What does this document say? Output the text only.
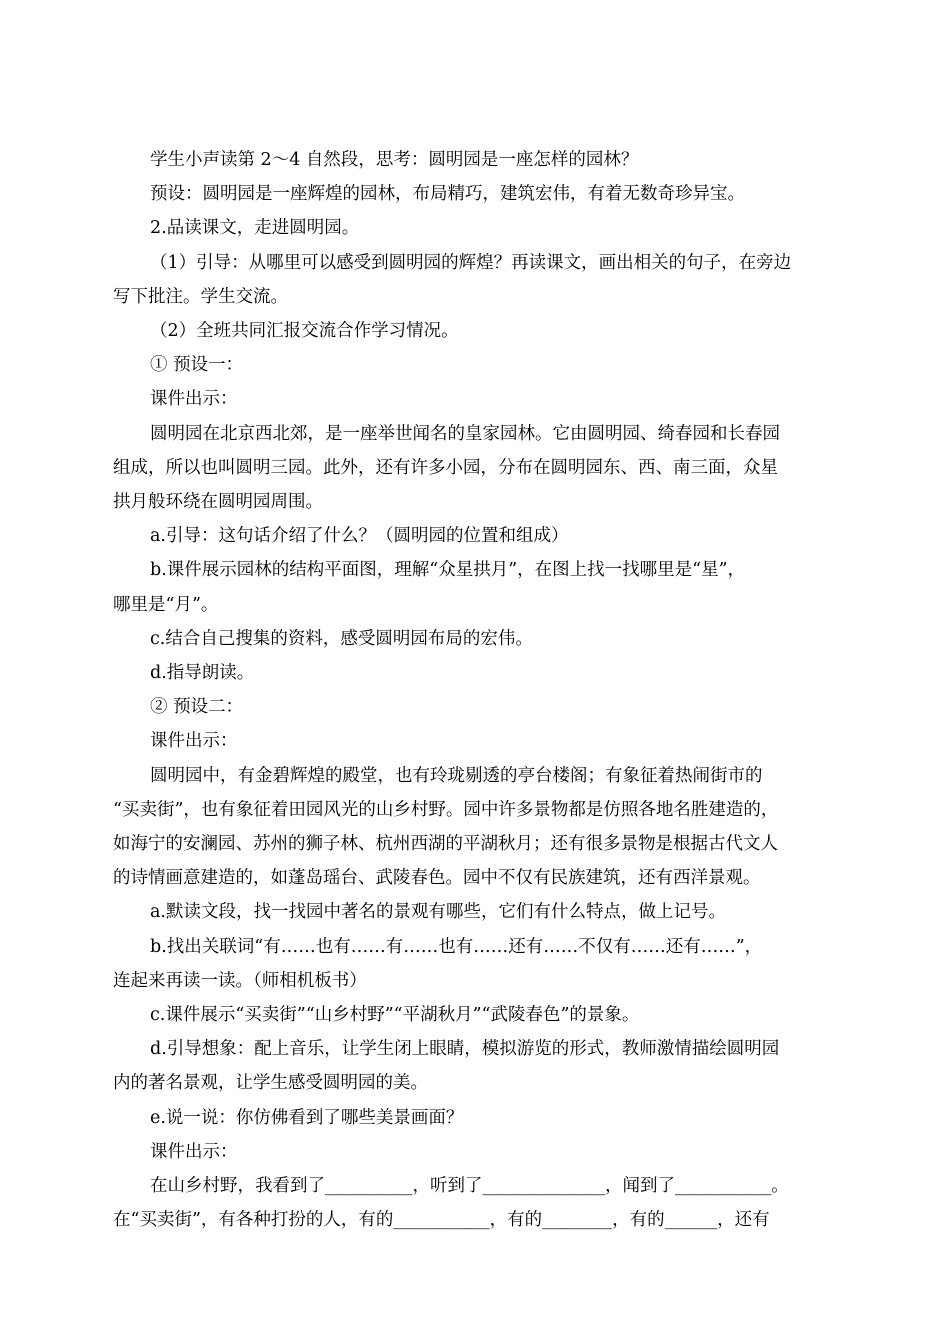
学生小声读第 2～4 自然段，思考：圆明园是一座怎样的园林？
预设：圆明园是一座辉煌的园林，布局精巧，建筑宏伟，有着无数奇珍异宝。
2.品读课文，走进圆明园。
（1）引导：从哪里可以感受到圆明园的辉煌？再读课文，画出相关的句子，在旁边
写下批注。学生交流。
（2）全班共同汇报交流合作学习情况。
① 预设一：
课件出示：
圆明园在北京西北郊，是一座举世闻名的皇家园林。它由圆明园、绮春园和长春园
组成，所以也叫圆明三园。此外，还有许多小园，分布在圆明园东、西、南三面，众星
拱月般环绕在圆明园周围。
a.引导：这句话介绍了什么？（圆明园的位置和组成）
b.课件展示园林的结构平面图，理解“众星拱月”，在图上找一找哪里是“星”，
哪里是“月”。
c.结合自己搜集的资料，感受圆明园布局的宏伟。
d.指导朗读。
② 预设二：
课件出示：
圆明园中，有金碧辉煌的殿堂，也有玲珑剔透的亭台楼阁；有象征着热闹街市的
“买卖街”，也有象征着田园风光的山乡村野。园中许多景物都是仿照各地名胜建造的，
如海宁的安澜园、苏州的狮子林、杭州西湖的平湖秋月；还有很多景物是根据古代文人
的诗情画意建造的，如蓬岛瑶台、武陵春色。园中不仅有民族建筑，还有西洋景观。
a.默读文段，找一找园中著名的景观有哪些，它们有什么特点，做上记号。
b.找出关联词“有……也有……有……也有……还有……不仅有……还有……”，
连起来再读一读。（师相机板书）
c.课件展示“买卖街”“山乡村野”“平湖秋月”“武陵春色”的景象。
d.引导想象：配上音乐，让学生闭上眼睛，模拟游览的形式，教师激情描绘圆明园
内的著名景观，让学生感受圆明园的美。
e.说一说：你仿佛看到了哪些美景画面？
课件出示：
在山乡村野，我看到了__________，听到了______________，闻到了___________。
在“买卖街”，有各种打扮的人，有的___________，有的________，有的______，还有
